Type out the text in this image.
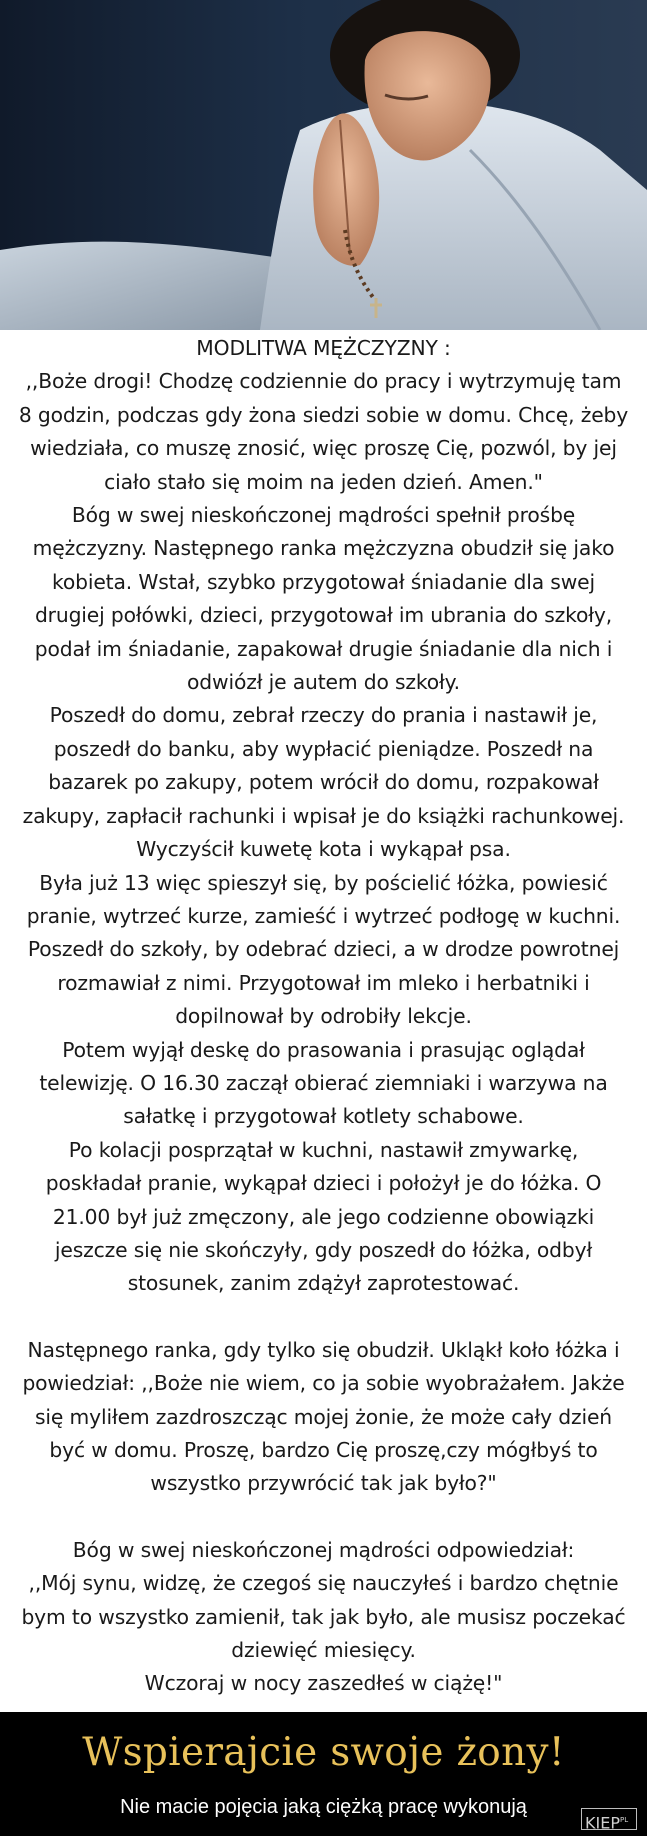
MODLITWA MĘŻCZYZNY :

,,Boże drogi! Chodzę codziennie do pracy i wytrzymuję tam

8 godzin, podczas gdy żona siedzi sobie w domu. Chcę, żeby

wiedziała, co muszę znosić, więc proszę Cię, pozwól, by jej

ciało stało się moim na jeden dzień. Amen."

Bóg w swej nieskończonej mądrości spełnił prośbę

mężczyzny. Następnego ranka mężczyzna obudził się jako

kobieta. Wstał, szybko przygotował śniadanie dla swej

drugiej połówki, dzieci, przygotował im ubrania do szkoły,

podał im śniadanie, zapakował drugie śniadanie dla nich i

odwiózł je autem do szkoły.

Poszedł do domu, zebrał rzeczy do prania i nastawił je,

poszedł do banku, aby wypłacić pieniądze. Poszedł na

bazarek po zakupy, potem wrócił do domu, rozpakował

zakupy, zapłacił rachunki i wpisał je do książki rachunkowej.

Wyczyścił kuwetę kota i wykąpał psa.

Była już 13 więc spieszył się, by pościelić łóżka, powiesić

pranie, wytrzeć kurze, zamieść i wytrzeć podłogę w kuchni.

Poszedł do szkoły, by odebrać dzieci, a w drodze powrotnej

rozmawiał z nimi. Przygotował im mleko i herbatniki i

dopilnował by odrobiły lekcje.

Potem wyjął deskę do prasowania i prasując oglądał

telewizję. O 16.30 zaczął obierać ziemniaki i warzywa na

sałatkę i przygotował kotlety schabowe.

Po kolacji posprzątał w kuchni, nastawił zmywarkę,

poskładał pranie, wykąpał dzieci i położył je do łóżka. O

21.00 był już zmęczony, ale jego codzienne obowiązki

jeszcze się nie skończyły, gdy poszedł do łóżka, odbył

stosunek, zanim zdążył zaprotestować.

Następnego ranka, gdy tylko się obudził. Ukląkł koło łóżka i

powiedział: ,,Boże nie wiem, co ja sobie wyobrażałem. Jakże

się myliłem zazdroszcząc mojej żonie, że może cały dzień

być w domu. Proszę, bardzo Cię proszę,czy mógłbyś to

wszystko przywrócić tak jak było?"

Bóg w swej nieskończonej mądrości odpowiedział:

,,Mój synu, widzę, że czegoś się nauczyłeś i bardzo chętnie

bym to wszystko zamienił, tak jak było, ale musisz poczekać

dziewięć miesięcy.

Wczoraj w nocy zaszedłeś w ciążę!"

Wspierajcie swoje żony!
Nie macie pojęcia jaką ciężką pracę wykonują
$KIEP^{PL}$
